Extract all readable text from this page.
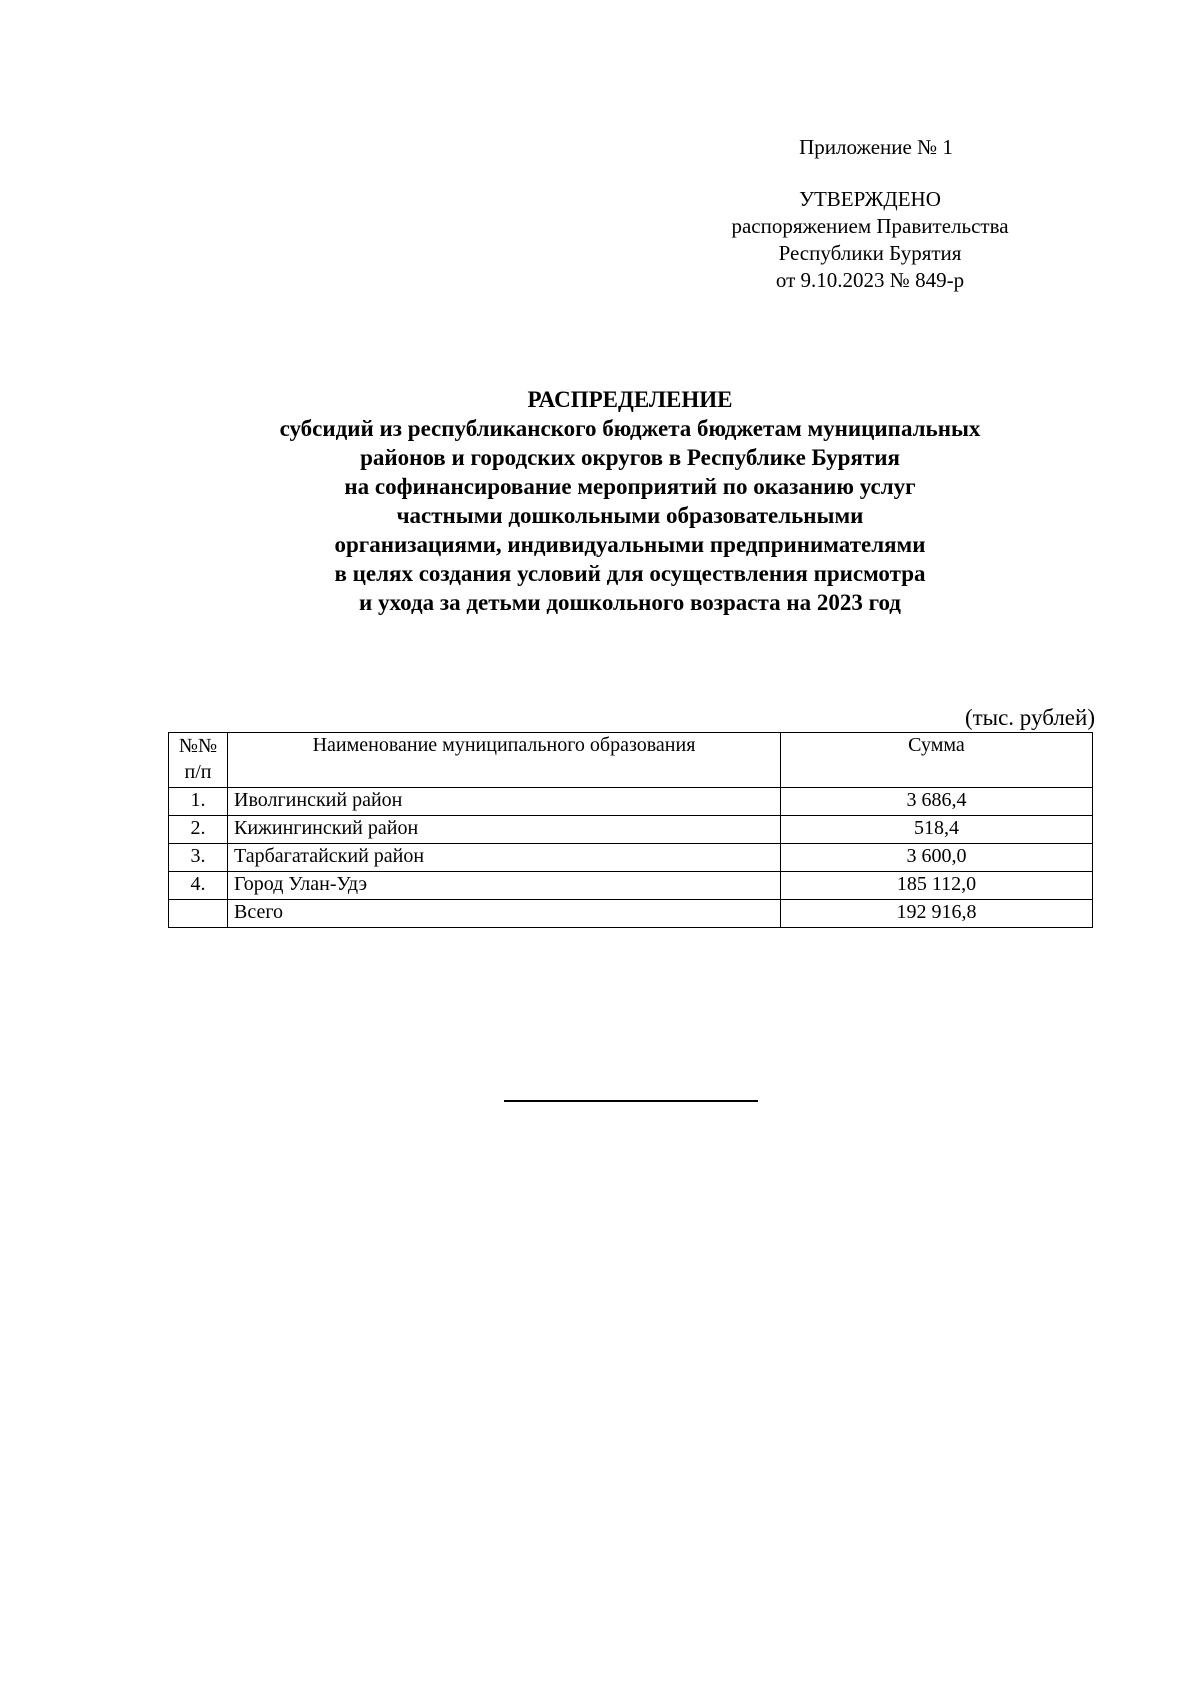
Приложение № 1
УТВЕРЖДЕНО
распоряжением Правительства
Республики Бурятия
от 9.10.2023 № 849-р
РАСПРЕДЕЛЕНИЕ
субсидий из республиканского бюджета бюджетам муниципальных
районов и городских округов в Республике Бурятия
на софинансирование мероприятий по оказанию услуг
частными дошкольными образовательными
организациями, индивидуальными предпринимателями
в целях создания условий для осуществления присмотра
и ухода за детьми дошкольного возраста на 2023 год
(тыс. рублей)
№№
п/п	Наименование муниципального образования	Сумма
1.	Иволгинский район	3 686,4
2.	Кижингинский район	518,4
3.	Тарбагатайский район	3 600,0
4.	Город Улан-Удэ	185 112,0
	Всего	192 916,8
